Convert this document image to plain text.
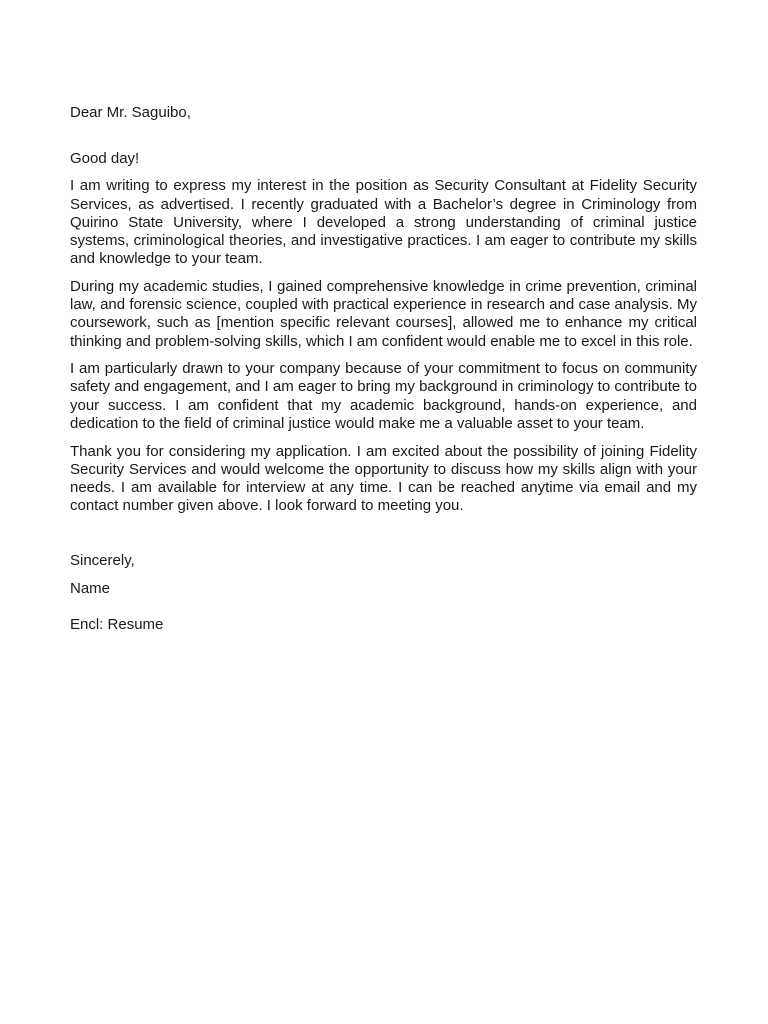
Dear Mr. Saguibo,

Good day!

I am writing to express my interest in the position as Security Consultant at Fidelity Security Services, as advertised. I recently graduated with a Bachelor’s degree in Criminology from Quirino State University, where I developed a strong understanding of criminal justice systems, criminological theories, and investigative practices. I am eager to contribute my skills and knowledge to your team.

During my academic studies, I gained comprehensive knowledge in crime prevention, criminal law, and forensic science, coupled with practical experience in research and case analysis. My coursework, such as [mention specific relevant courses], allowed me to enhance my critical thinking and problem-solving skills, which I am confident would enable me to excel in this role.

I am particularly drawn to your company because of your commitment to focus on community safety and engagement, and I am eager to bring my background in criminology to contribute to your success. I am confident that my academic background, hands-on experience, and dedication to the field of criminal justice would make me a valuable asset to your team.

Thank you for considering my application. I am excited about the possibility of joining Fidelity Security Services and would welcome the opportunity to discuss how my skills align with your needs. I am available for interview at any time. I can be reached anytime via email and my contact number given above. I look forward to meeting you.

Sincerely,

Name

Encl: Resume
